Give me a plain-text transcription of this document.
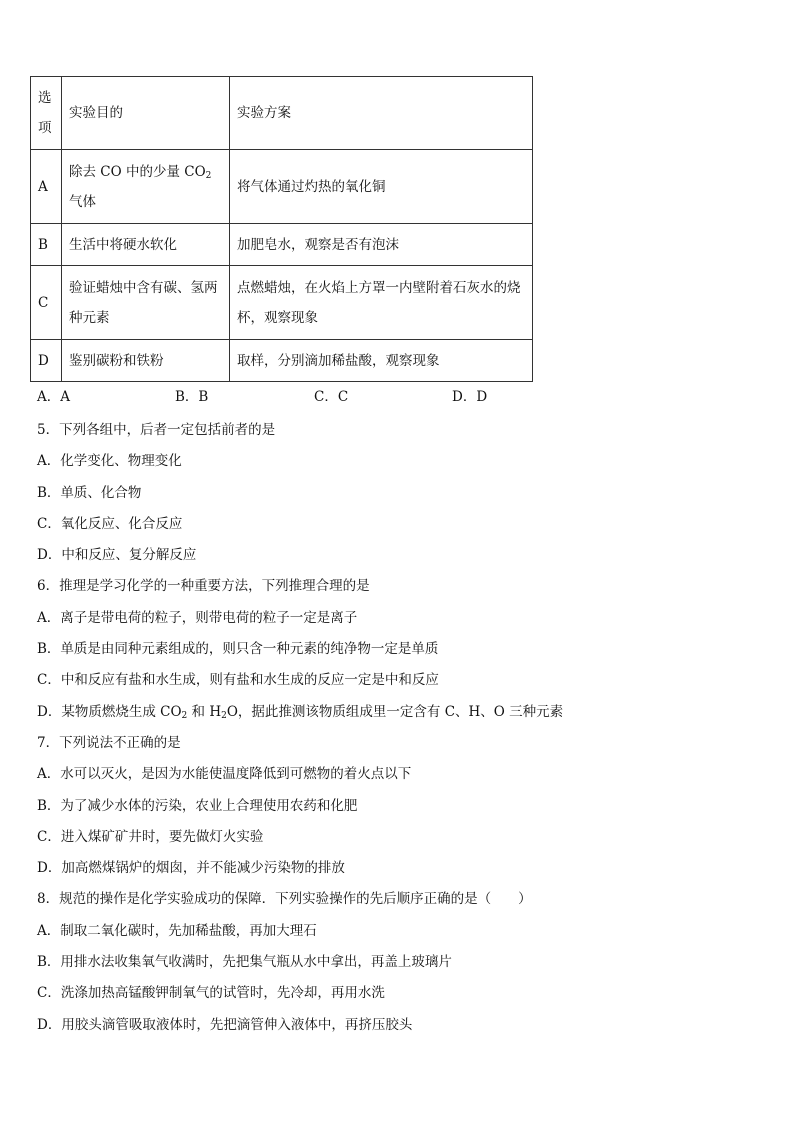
选项	实验目的	实验方案
A	除去 CO 中的少量 $CO_2$气体	将气体通过灼热的氧化铜
B	生活中将硬水软化	加肥皂水，观察是否有泡沫
C	验证蜡烛中含有碳、氢两种元素	点燃蜡烛，在火焰上方罩一内壁附着石灰水的烧杯，观察现象
D	鉴别碳粉和铁粉	取样，分别滴加稀盐酸，观察现象
A．A	B．B	C．C	D．D
5．下列各组中，后者一定包括前者的是
A．化学变化、物理变化
B．单质、化合物
C．氧化反应、化合反应
D．中和反应、复分解反应
6．推理是学习化学的一种重要方法，下列推理合理的是
A．离子是带电荷的粒子，则带电荷的粒子一定是离子
B．单质是由同种元素组成的，则只含一种元素的纯净物一定是单质
C．中和反应有盐和水生成，则有盐和水生成的反应一定是中和反应
D．某物质燃烧生成 $CO_2$ 和 $H_2O$，据此推测该物质组成里一定含有 C、H、O 三种元素
7．下列说法不正确的是
A．水可以灭火，是因为水能使温度降低到可燃物的着火点以下
B．为了减少水体的污染，农业上合理使用农药和化肥
C．进入煤矿矿井时，要先做灯火实验
D．加高燃煤锅炉的烟囱，并不能减少污染物的排放
8．规范的操作是化学实验成功的保障．下列实验操作的先后顺序正确的是（　　）
A．制取二氧化碳时，先加稀盐酸，再加大理石
B．用排水法收集氧气收满时，先把集气瓶从水中拿出，再盖上玻璃片
C．洗涤加热高锰酸钾制氧气的试管时，先冷却，再用水洗
D．用胶头滴管吸取液体时，先把滴管伸入液体中，再挤压胶头
